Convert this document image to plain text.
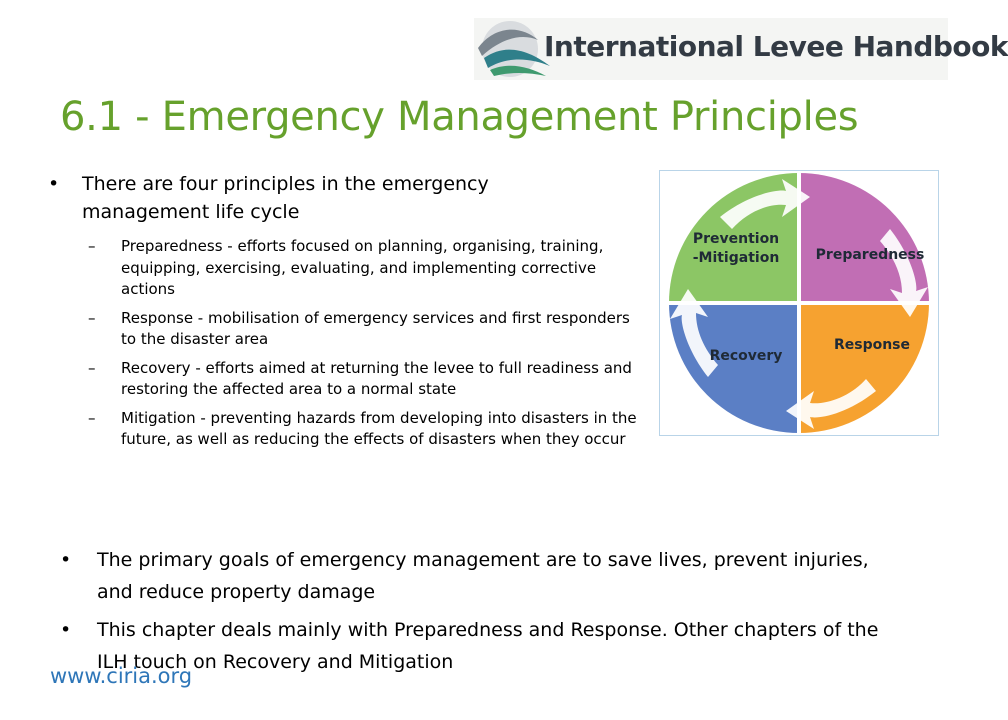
International Levee Handbook
6.1 - Emergency Management Principles
• There are four principles in the emergency management life cycle
– Preparedness - efforts focused on planning, organising, training, equipping, exercising, evaluating, and implementing corrective actions
– Response - mobilisation of emergency services and first responders to the disaster area
– Recovery - efforts aimed at returning the levee to full readiness and restoring the affected area to a normal state
– Mitigation - preventing hazards from developing into disasters in the future, as well as reducing the effects of disasters when they occur
Prevention
-Mitigation	Preparedness
Response
Recovery
• The primary goals of emergency management are to save lives, prevent injuries, and reduce property damage
• This chapter deals mainly with Preparedness and Response. Other chapters of the ILH touch on Recovery and Mitigation
www.ciria.org
